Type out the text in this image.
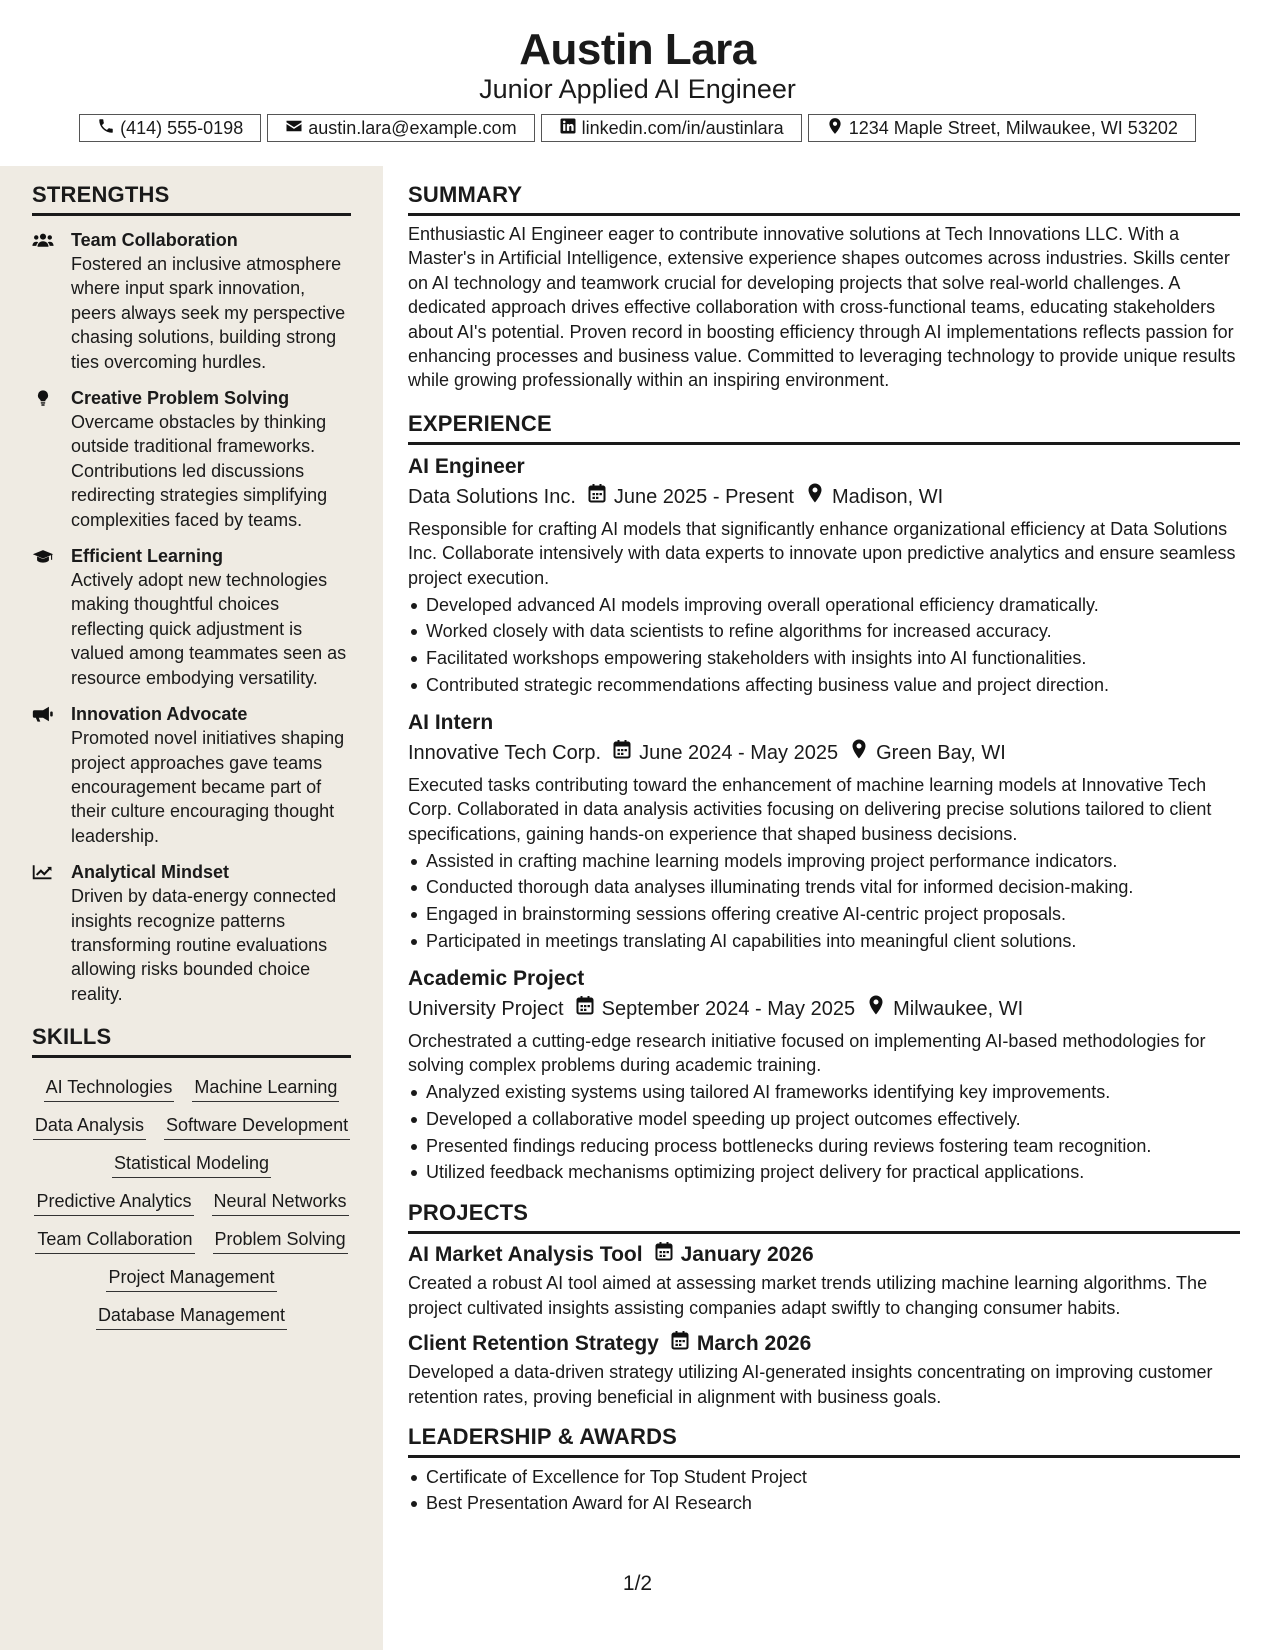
Austin Lara
Junior Applied AI Engineer
(414) 555-0198	austin.lara@example.com	linkedin.com/in/austinlara	1234 Maple Street, Milwaukee, WI 53202
STRENGTHS
Team Collaboration
Fostered an inclusive atmosphere where input spark innovation, peers always seek my perspective chasing solutions, building strong ties overcoming hurdles.
Creative Problem Solving
Overcame obstacles by thinking outside traditional frameworks. Contributions led discussions redirecting strategies simplifying complexities faced by teams.
Efficient Learning
Actively adopt new technologies making thoughtful choices reflecting quick adjustment is valued among teammates seen as resource embodying versatility.
Innovation Advocate
Promoted novel initiatives shaping project approaches gave teams encouragement became part of their culture encouraging thought leadership.
Analytical Mindset
Driven by data-energy connected insights recognize patterns transforming routine evaluations allowing risks bounded choice reality.
SKILLS
AI Technologies Machine Learning
Data Analysis Software Development
Statistical Modeling
Predictive Analytics Neural Networks
Team Collaboration Problem Solving
Project Management
Database Management
SUMMARY
Enthusiastic AI Engineer eager to contribute innovative solutions at Tech Innovations LLC. With a Master's in Artificial Intelligence, extensive experience shapes outcomes across industries. Skills center on AI technology and teamwork crucial for developing projects that solve real-world challenges. A dedicated approach drives effective collaboration with cross-functional teams, educating stakeholders about AI's potential. Proven record in boosting efficiency through AI implementations reflects passion for enhancing processes and business value. Committed to leveraging technology to provide unique results while growing professionally within an inspiring environment.
EXPERIENCE
AI Engineer
Data Solutions Inc. June 2025 - Present Madison, WI
Responsible for crafting AI models that significantly enhance organizational efficiency at Data Solutions Inc. Collaborate intensively with data experts to innovate upon predictive analytics and ensure seamless project execution.
Developed advanced AI models improving overall operational efficiency dramatically.
Worked closely with data scientists to refine algorithms for increased accuracy.
Facilitated workshops empowering stakeholders with insights into AI functionalities.
Contributed strategic recommendations affecting business value and project direction.
AI Intern
Innovative Tech Corp. June 2024 - May 2025 Green Bay, WI
Executed tasks contributing toward the enhancement of machine learning models at Innovative Tech Corp. Collaborated in data analysis activities focusing on delivering precise solutions tailored to client specifications, gaining hands-on experience that shaped business decisions.
Assisted in crafting machine learning models improving project performance indicators.
Conducted thorough data analyses illuminating trends vital for informed decision-making.
Engaged in brainstorming sessions offering creative AI-centric project proposals.
Participated in meetings translating AI capabilities into meaningful client solutions.
Academic Project
University Project September 2024 - May 2025 Milwaukee, WI
Orchestrated a cutting-edge research initiative focused on implementing AI-based methodologies for solving complex problems during academic training.
Analyzed existing systems using tailored AI frameworks identifying key improvements.
Developed a collaborative model speeding up project outcomes effectively.
Presented findings reducing process bottlenecks during reviews fostering team recognition.
Utilized feedback mechanisms optimizing project delivery for practical applications.
PROJECTS
AI Market Analysis Tool January 2026
Created a robust AI tool aimed at assessing market trends utilizing machine learning algorithms. The project cultivated insights assisting companies adapt swiftly to changing consumer habits.
Client Retention Strategy March 2026
Developed a data-driven strategy utilizing AI-generated insights concentrating on improving customer retention rates, proving beneficial in alignment with business goals.
LEADERSHIP & AWARDS
Certificate of Excellence for Top Student Project
Best Presentation Award for AI Research
1/2
